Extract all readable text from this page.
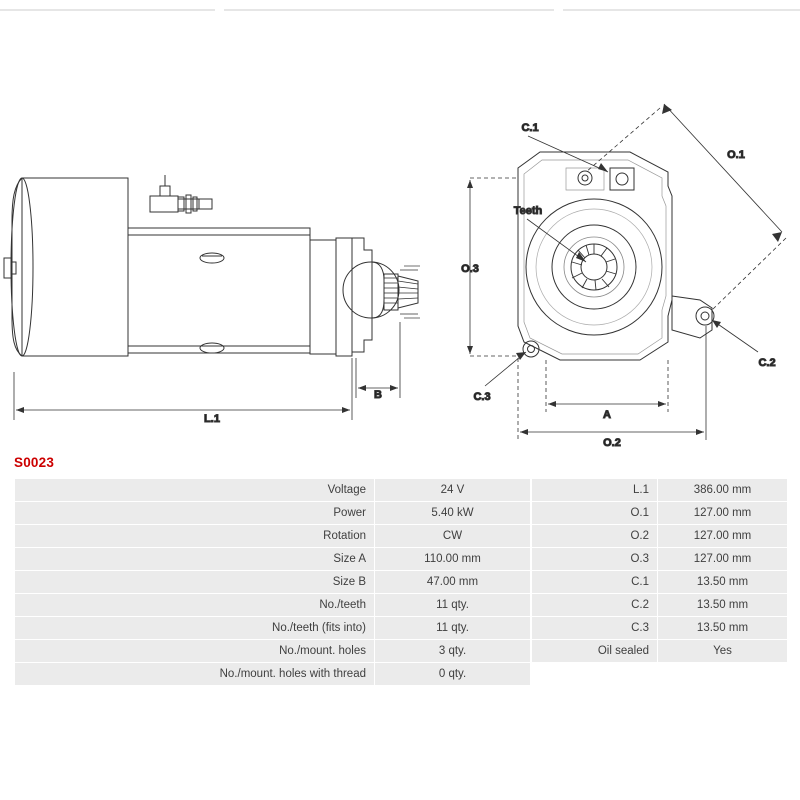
L.1
B
O.3
A
O.2
O.1
C.1
C.2
C.3
Teeth
S0023
Voltage	24 V
Power	5.40 kW
Rotation	CW
Size A	110.00 mm
Size B	47.00 mm
No./teeth	11 qty.
No./teeth (fits into)	11 qty.
No./mount. holes	3 qty.
No./mount. holes with thread	0 qty.
L.1	386.00 mm
O.1	127.00 mm
O.2	127.00 mm
O.3	127.00 mm
C.1	13.50 mm
C.2	13.50 mm
C.3	13.50 mm
Oil sealed	Yes
